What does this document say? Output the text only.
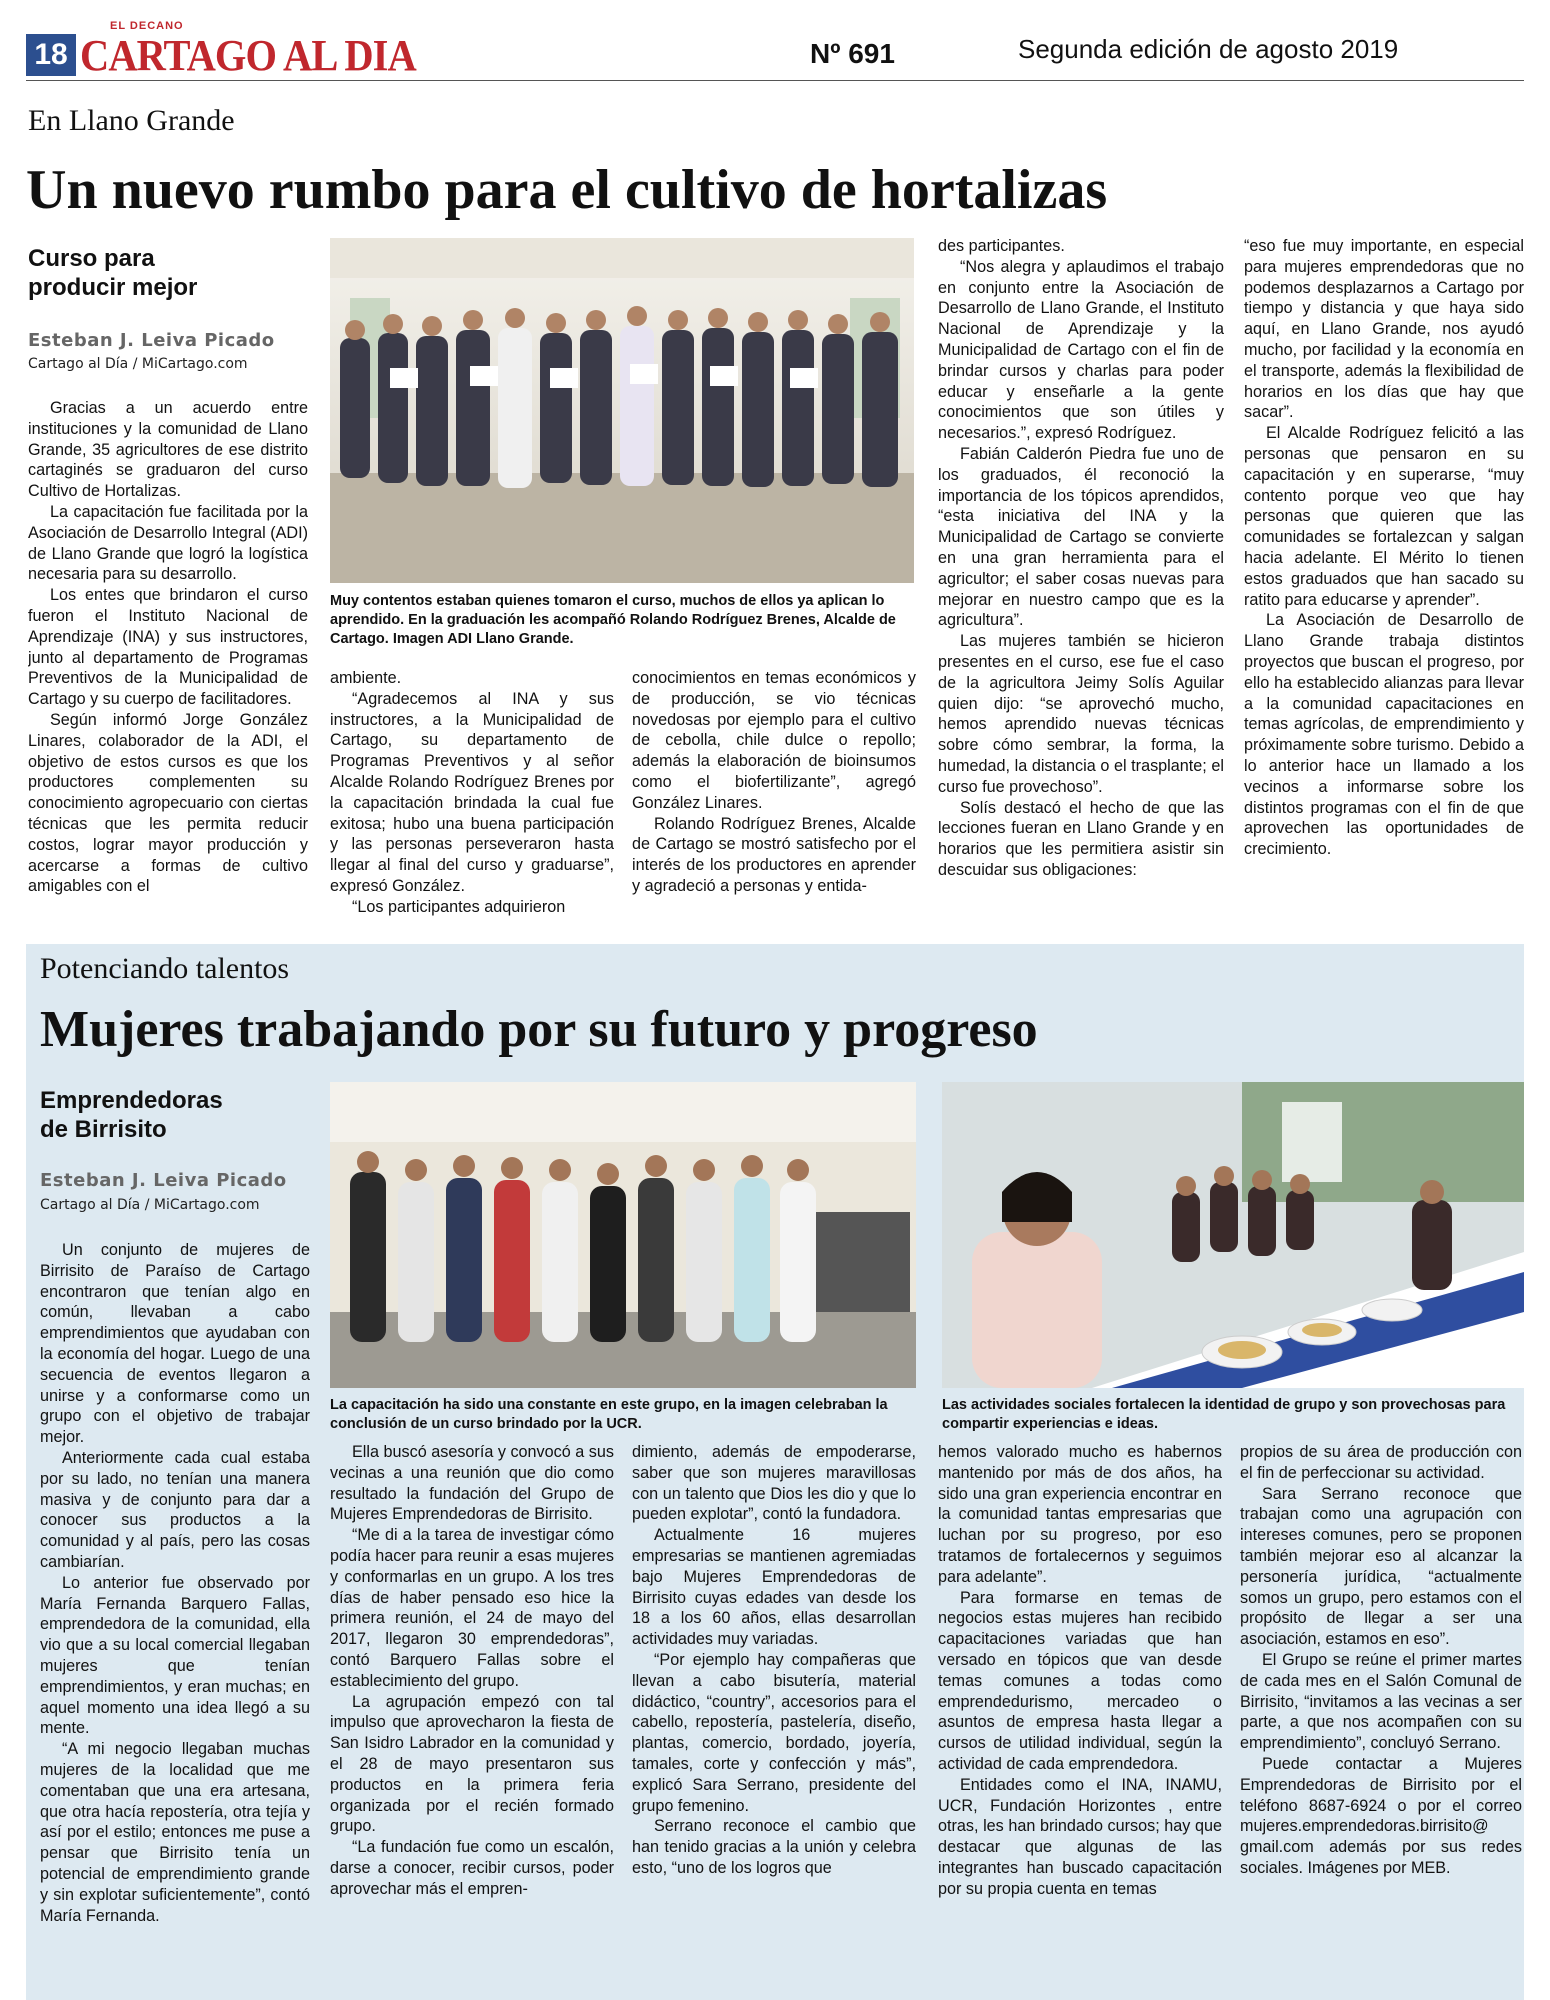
18
EL DECANO
CARTAGO AL DIA	Nº 691	Segunda edición de agosto 2019
En Llano Grande
Un nuevo rumbo para el cultivo de hortalizas
Curso para
producir mejor
Esteban J. Leiva Picado
Cartago al Día / MiCartago.com

Gracias a un acuerdo entre instituciones y la comunidad de Llano Grande, 35 agricultores de ese distrito cartaginés se graduaron del curso Cultivo de Hortalizas.

La capacitación fue facilitada por la Asociación de Desarrollo Integral (ADI) de Llano Grande que logró la logística necesaria para su desarrollo.

Los entes que brindaron el curso fueron el Instituto Nacional de Aprendizaje (INA) y sus instructores, junto al departamento de Programas Preventivos de la Municipalidad de Cartago y su cuerpo de facilitadores.

Según informó Jorge González Linares, colaborador de la ADI, el objetivo de estos cursos es que los productores complementen su conocimiento agropecuario con ciertas técnicas que les permita reducir costos, lograr mayor producción y acercarse a formas de cultivo amigables con el

Muy contentos estaban quienes tomaron el curso, muchos de ellos ya aplican lo aprendido. En la graduación les acompañó Rolando Rodríguez Brenes, Alcalde de Cartago. Imagen ADI Llano Grande.

ambiente.

“Agradecemos al INA y sus instructores, a la Municipalidad de Cartago, su departamento de Programas Preventivos y al señor Alcalde Rolando Rodríguez Brenes por la capacitación brindada la cual fue exitosa; hubo una buena participación y las personas perseveraron hasta llegar al final del curso y graduarse”, expresó González.

“Los participantes adquirieron

conocimientos en temas económicos y de producción, se vio técnicas novedosas por ejemplo para el cultivo de cebolla, chile dulce o repollo; además la elaboración de bioinsumos como el biofertilizante”, agregó González Linares.

Rolando Rodríguez Brenes, Alcalde de Cartago se mostró satisfecho por el interés de los productores en aprender y agradeció a personas y entida-

des participantes.

“Nos alegra y aplaudimos el trabajo en conjunto entre la Asociación de Desarrollo de Llano Grande, el Instituto Nacional de Aprendizaje y la Municipalidad de Cartago con el fin de brindar cursos y charlas para poder educar y enseñarle a la gente conocimientos que son útiles y necesarios.”, expresó Rodríguez.

Fabián Calderón Piedra fue uno de los graduados, él reconoció la importancia de los tópicos aprendidos, “esta iniciativa del INA y la Municipalidad de Cartago se convierte en una gran herramienta para el agricultor; el saber cosas nuevas para mejorar en nuestro campo que es la agricultura”.

Las mujeres también se hicieron presentes en el curso, ese fue el caso de la agricultora Jeimy Solís Aguilar quien dijo: “se aprovechó mucho, hemos aprendido nuevas técnicas sobre cómo sembrar, la forma, la humedad, la distancia o el trasplante; el curso fue provechoso”.

Solís destacó el hecho de que las lecciones fueran en Llano Grande y en horarios que les permitiera asistir sin descuidar sus obligaciones:

“eso fue muy importante, en especial para mujeres emprendedoras que no podemos desplazarnos a Cartago por tiempo y distancia y que haya sido aquí, en Llano Grande, nos ayudó mucho, por facilidad y la economía en el transporte, además la flexibilidad de horarios en los días que hay que sacar”.

El Alcalde Rodríguez felicitó a las personas que pensaron en su capacitación y en superarse, “muy contento porque veo que hay personas que quieren que las comunidades se fortalezcan y salgan hacia adelante. El Mérito lo tienen estos graduados que han sacado su ratito para educarse y aprender”.

La Asociación de Desarrollo de Llano Grande trabaja distintos proyectos que buscan el progreso, por ello ha establecido alianzas para llevar a la comunidad capacitaciones en temas agrícolas, de emprendimiento y próximamente sobre turismo. Debido a lo anterior hace un llamado a los vecinos a informarse sobre los distintos programas con el fin de que aprovechen las oportunidades de crecimiento.

Potenciando talentos
Mujeres trabajando por su futuro y progreso
Emprendedoras
de Birrisito
Esteban J. Leiva Picado
Cartago al Día / MiCartago.com

Un conjunto de mujeres de Birrisito de Paraíso de Cartago encontraron que tenían algo en común, llevaban a cabo emprendimientos que ayudaban con la economía del hogar. Luego de una secuencia de eventos llegaron a unirse y a conformarse como un grupo con el objetivo de trabajar mejor.

Anteriormente cada cual estaba por su lado, no tenían una manera masiva y de conjunto para dar a conocer sus productos a la comunidad y al país, pero las cosas cambiarían.

Lo anterior fue observado por María Fernanda Barquero Fallas, emprendedora de la comunidad, ella vio que a su local comercial llegaban mujeres que tenían emprendimientos, y eran muchas; en aquel momento una idea llegó a su mente.

“A mi negocio llegaban muchas mujeres de la localidad que me comentaban que una era artesana, que otra hacía repostería, otra tejía y así por el estilo; entonces me puse a pensar que Birrisito tenía un potencial de emprendimiento grande y sin explotar suficientemente”, contó María Fernanda.

La capacitación ha sido una constante en este grupo, en la imagen celebraban la conclusión de un curso brindado por la UCR.
Las actividades sociales fortalecen la identidad de grupo y son provechosas para compartir experiencias e ideas.

Ella buscó asesoría y convocó a sus vecinas a una reunión que dio como resultado la fundación del Grupo de Mujeres Emprendedoras de Birrisito.

“Me di a la tarea de investigar cómo podía hacer para reunir a esas mujeres y conformarlas en un grupo. A los tres días de haber pensado eso hice la primera reunión, el 24 de mayo del 2017, llegaron 30 emprendedoras”, contó Barquero Fallas sobre el establecimiento del grupo.

La agrupación empezó con tal impulso que aprovecharon la fiesta de San Isidro Labrador en la comunidad y el 28 de mayo presentaron sus productos en la primera feria organizada por el recién formado grupo.

“La fundación fue como un escalón, darse a conocer, recibir cursos, poder aprovechar más el empren-

dimiento, además de empoderarse, saber que son mujeres maravillosas con un talento que Dios les dio y que lo pueden explotar”, contó la fundadora.

Actualmente 16 mujeres empresarias se mantienen agremiadas bajo Mujeres Emprendedoras de Birrisito cuyas edades van desde los 18 a los 60 años, ellas desarrollan actividades muy variadas.

“Por ejemplo hay compañeras que llevan a cabo bisutería, material didáctico, “country”, accesorios para el cabello, repostería, pastelería, diseño, plantas, comercio, bordado, joyería, tamales, corte y confección y más”, explicó Sara Serrano, presidente del grupo femenino.

Serrano reconoce el cambio que han tenido gracias a la unión y celebra esto, “uno de los logros que

hemos valorado mucho es habernos mantenido por más de dos años, ha sido una gran experiencia encontrar en la comunidad tantas empresarias que luchan por su progreso, por eso tratamos de fortalecernos y seguimos para adelante”.

Para formarse en temas de negocios estas mujeres han recibido capacitaciones variadas que han versado en tópicos que van desde temas comunes a todas como emprendedurismo, mercadeo o asuntos de empresa hasta llegar a cursos de utilidad individual, según la actividad de cada emprendedora.

Entidades como el INA, INAMU, UCR, Fundación Horizontes , entre otras, les han brindado cursos; hay que destacar que algunas de las integrantes han buscado capacitación por su propia cuenta en temas

propios de su área de producción con el fin de perfeccionar su actividad.

Sara Serrano reconoce que trabajan como una agrupación con intereses comunes, pero se proponen también mejorar eso al alcanzar la personería jurídica, “actualmente somos un grupo, pero estamos con el propósito de llegar a ser una asociación, estamos en eso”.

El Grupo se reúne el primer martes de cada mes en el Salón Comunal de Birrisito, “invitamos a las vecinas a ser parte, a que nos acompañen con su emprendimiento”, concluyó Serrano.

Puede contactar a Mujeres Emprendedoras de Birrisito por el teléfono 8687-6924 o por el correo mujeres.emprendedoras.birrisito@ gmail.com además por sus redes sociales. Imágenes por MEB.
